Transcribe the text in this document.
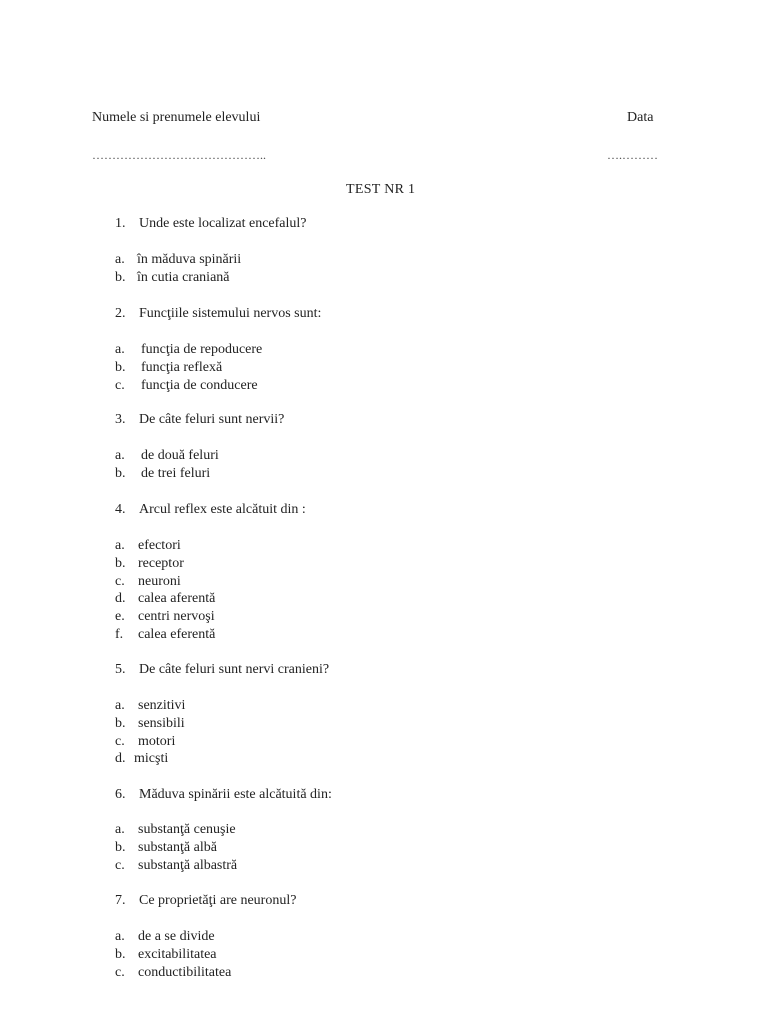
Numele si prenumele elevului	Data
……………………………………..	….………
TEST NR 1
1. Unde este localizat encefalul?
a. în măduva spinării
b. în cutia craniană
2. Funcţiile sistemului nervos sunt:
a. funcţia de repoducere
b. funcţia reflexă
c. funcţia de conducere
3. De câte feluri sunt nervii?
a. de două feluri
b. de trei feluri
4. Arcul reflex este alcătuit din :
a. efectori
b. receptor
c. neuroni
d. calea aferentă
e. centri nervoşi
f. calea eferentă
5. De câte feluri sunt nervi cranieni?
a. senzitivi
b. sensibili
c. motori
d. micşti
6. Măduva spinării este alcătuită din:
a. substanţă cenuşie
b. substanţă albă
c. substanţă albastră
7. Ce proprietăţi are neuronul?
a. de a se divide
b. excitabilitatea
c. conductibilitatea
